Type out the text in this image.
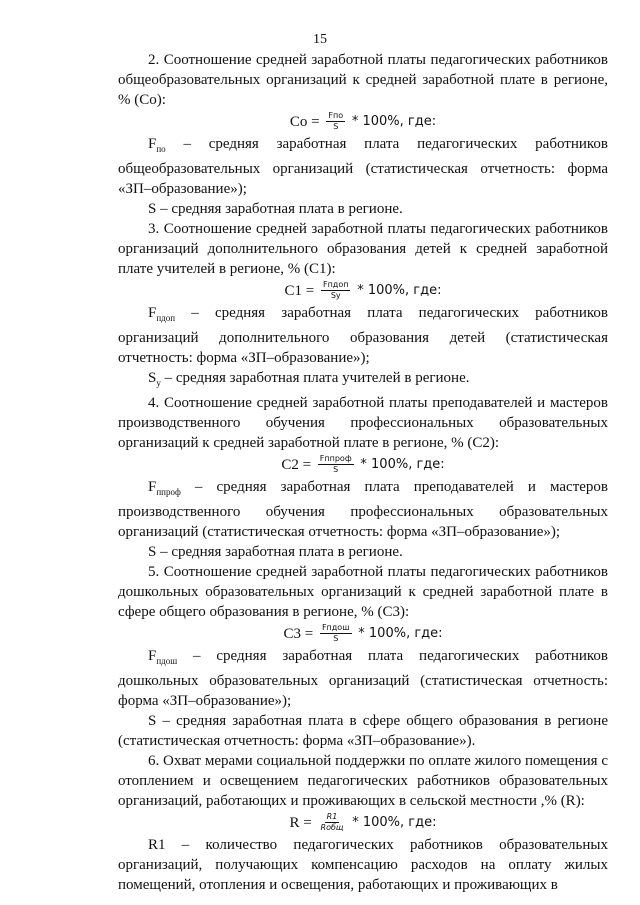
15

2. Соотношение средней заработной платы педагогических работников общеобразовательных организаций к средней заработной плате в регионе, % (Со):

Со = $\frac{\text{Fпо}}{S} * 100\%$, где:

$F_{по}$ – средняя заработная плата педагогических работников общеобразовательных организаций (статистическая отчетность: форма «ЗП–образование»);

S – средняя заработная плата в регионе.

3. Соотношение средней заработной платы педагогических работников организаций дополнительного образования детей к средней заработной плате учителей в регионе, % (С1):

$С1 = \frac{\text{Fпдоп}}{Sу} * 100\%$, где:

$F_{пдоп}$ – средняя заработная плата педагогических работников организаций дополнительного образования детей (статистическая отчетность: форма «ЗП–образование»);

$S_у$ – средняя заработная плата учителей в регионе.

4. Соотношение средней заработной платы преподавателей и мастеров производственного обучения профессиональных образовательных организаций к средней заработной плате в регионе, % (С2):

$С2 = \frac{\text{Fппроф}}{S} * 100\%$, где:

$F_{ппроф}$ – средняя заработная плата преподавателей и мастеров производственного обучения профессиональных образовательных организаций (статистическая отчетность: форма «ЗП–образование»);

S – средняя заработная плата в регионе.

5. Соотношение средней заработной платы педагогических работников дошкольных образовательных организаций к средней заработной плате в сфере общего образования в регионе, % (С3):

$С3 = \frac{\text{Fпдош}}{S} * 100\%$, где:

$F_{пдош}$ – средняя заработная плата педагогических работников дошкольных образовательных организаций (статистическая отчетность: форма «ЗП–образование»);

S – средняя заработная плата в сфере общего образования в регионе (статистическая отчетность: форма «ЗП–образование»).

6. Охват мерами социальной поддержки по оплате жилого помещения с отоплением и освещением педагогических работников образовательных организаций, работающих и проживающих в сельской местности ,% (R):

$R = \frac{R1}{\text{Rобщ}} * 100\%$, где:

R1 – количество педагогических работников образовательных организаций, получающих компенсацию расходов на оплату жилых помещений, отопления и освещения, работающих и проживающих в
